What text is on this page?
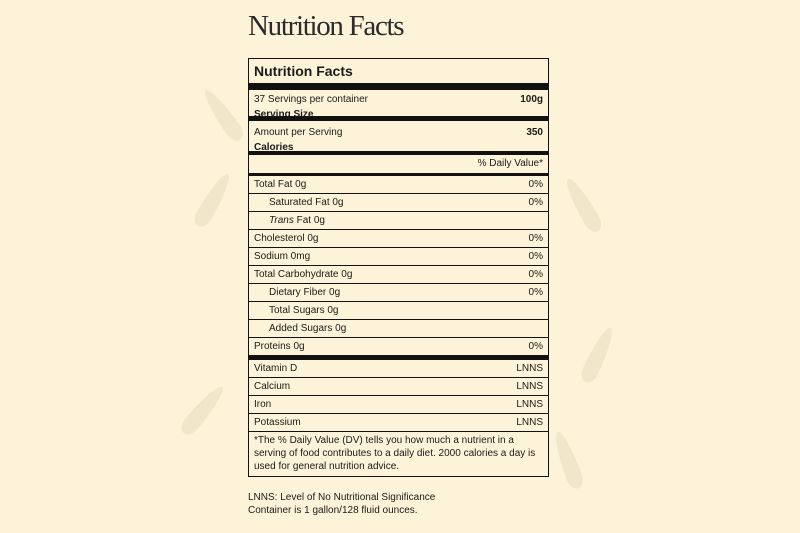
Nutrition Facts
Nutrition Facts
37 Servings per container	100g
Serving Size
Amount per Serving	350
Calories
% Daily Value*
Total Fat 0g	0%
Saturated Fat 0g	0%
Trans Fat 0g
Cholesterol 0g	0%
Sodium 0mg	0%
Total Carbohydrate 0g	0%
Dietary Fiber 0g	0%
Total Sugars 0g
Added Sugars 0g
Proteins 0g	0%
Vitamin D	LNNS
Calcium	LNNS
Iron	LNNS
Potassium	LNNS
*The % Daily Value (DV) tells you how much a nutrient in a serving of food contributes to a daily diet. 2000 calories a day is used for general nutrition advice.
LNNS: Level of No Nutritional Significance
Container is 1 gallon/128 fluid ounces.
